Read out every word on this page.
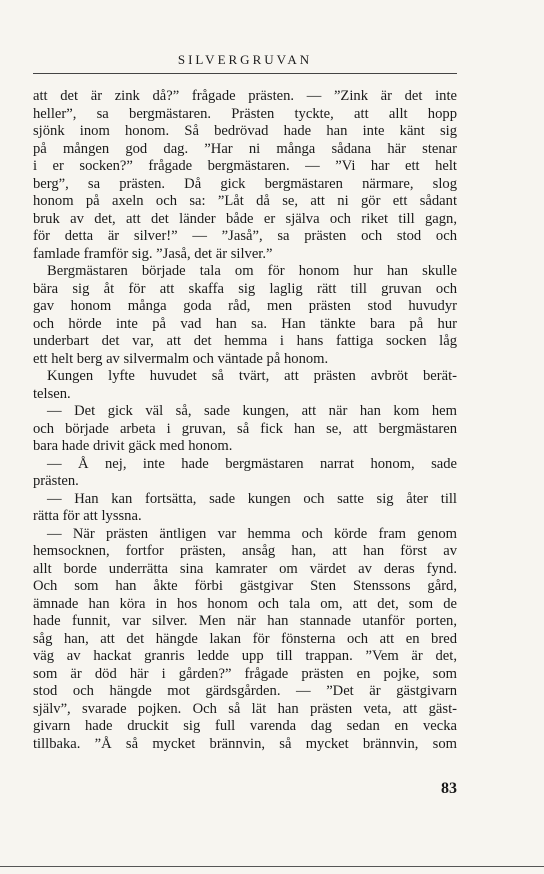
SILVERGRUVAN
att det är zink då?” frågade prästen. — ”Zink är det inte
heller”, sa bergmästaren. Prästen tyckte, att allt hopp
sjönk inom honom. Så bedrövad hade han inte känt sig
på mången god dag. ”Har ni många sådana här stenar
i er socken?” frågade bergmästaren. — ”Vi har ett helt
berg”, sa prästen. Då gick bergmästaren närmare, slog
honom på axeln och sa: ”Låt då se, att ni gör ett sådant
bruk av det, att det länder både er själva och riket till gagn,
för detta är silver!” — ”Jaså”, sa prästen och stod och
famlade framför sig. ”Jaså, det är silver.”
Bergmästaren började tala om för honom hur han skulle
bära sig åt för att skaffa sig laglig rätt till gruvan och
gav honom många goda råd, men prästen stod huvudyr
och hörde inte på vad han sa. Han tänkte bara på hur
underbart det var, att det hemma i hans fattiga socken låg
ett helt berg av silvermalm och väntade på honom.
Kungen lyfte huvudet så tvärt, att prästen avbröt berät-
telsen.
— Det gick väl så, sade kungen, att när han kom hem
och började arbeta i gruvan, så fick han se, att bergmästaren
bara hade drivit gäck med honom.
— Å nej, inte hade bergmästaren narrat honom, sade
prästen.
— Han kan fortsätta, sade kungen och satte sig åter till
rätta för att lyssna.
— När prästen äntligen var hemma och körde fram genom
hemsocknen, fortfor prästen, ansåg han, att han först av
allt borde underrätta sina kamrater om värdet av deras fynd.
Och som han åkte förbi gästgivar Sten Stenssons gård,
ämnade han köra in hos honom och tala om, att det, som de
hade funnit, var silver. Men när han stannade utanför porten,
såg han, att det hängde lakan för fönsterna och att en bred
väg av hackat granris ledde upp till trappan. ”Vem är det,
som är död här i gården?” frågade prästen en pojke, som
stod och hängde mot gärdsgården. — ”Det är gästgivarn
själv”, svarade pojken. Och så lät han prästen veta, att gäst-
givarn hade druckit sig full varenda dag sedan en vecka
tillbaka. ”Å så mycket brännvin, så mycket brännvin, som
83
